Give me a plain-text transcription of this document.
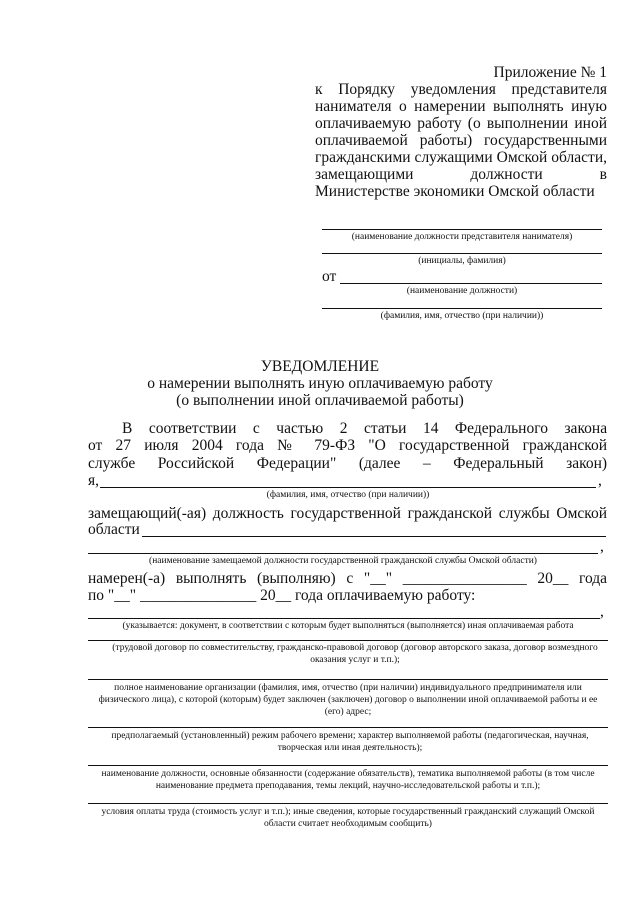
Приложение № 1
к Порядку уведомления представителя
нанимателя о намерении выполнять иную
оплачиваемую работу (о выполнении иной
оплачиваемой работы) государственными
гражданскими служащими Омской области,
замещающими должности в
Министерстве экономики Омской области
(наименование должности представителя нанимателя)
(инициалы, фамилия)
от
(наименование должности)
(фамилия, имя, отчество (при наличии))
УВЕДОМЛЕНИЕ
о намерении выполнять иную оплачиваемую работу
(о выполнении иной оплачиваемой работы)
В соответствии с частью 2 статьи 14 Федерального закона
от 27 июля 2004 года № 79-ФЗ "О государственной гражданской
службе Российской Федерации" (далее – Федеральный закон)
я,	,
(фамилия, имя, отчество (при наличии))
замещающий(-ая) должность государственной гражданской службы Омской
области
,
(наименование замещаемой должности государственной гражданской службы Омской области)
намерен(-а) выполнять (выполняю) с "__" ________________ 20__ года
по "__" _______________ 20__ года оплачиваемую работу:
,
(указывается: документ, в соответствии с которым будет выполняться (выполняется) иная оплачиваемая работа
(трудовой договор по совместительству, гражданско-правовой договор (договор авторского заказа, договор возмездного оказания услуг и т.п.);
полное наименование организации (фамилия, имя, отчество (при наличии) индивидуального предпринимателя или физического лица), с которой (которым) будет заключен (заключен) договор о выполнении иной оплачиваемой работы и ее (его) адрес;
предполагаемый (установленный) режим рабочего времени; характер выполняемой работы (педагогическая, научная, творческая или иная деятельность);
наименование должности, основные обязанности (содержание обязательств), тематика выполняемой работы (в том числе наименование предмета преподавания, темы лекций, научно-исследовательской работы и т.п.);
условия оплаты труда (стоимость услуг и т.п.); иные сведения, которые государственный гражданский служащий Омской области считает необходимым сообщить)
